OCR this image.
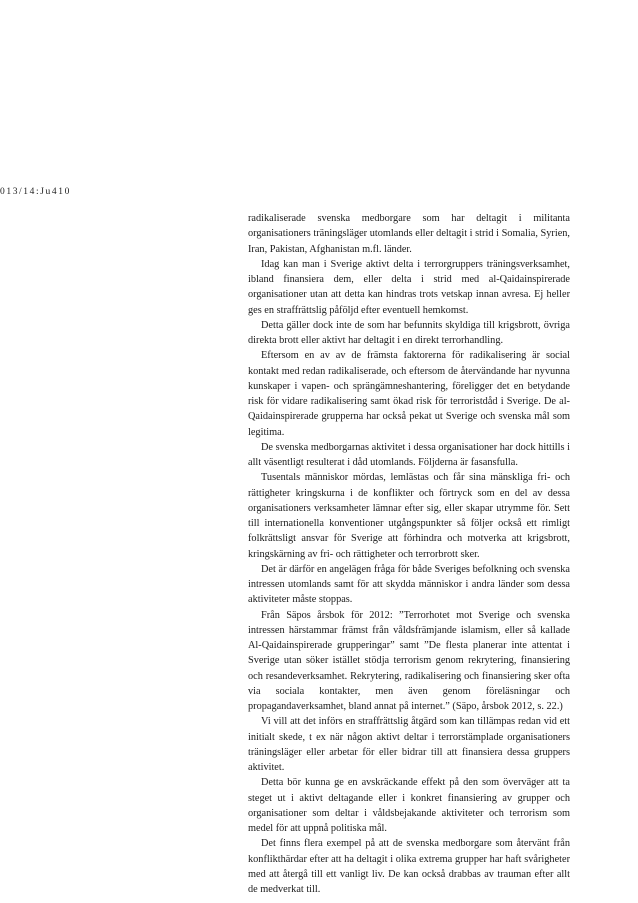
013/14:Ju410

radikaliserade svenska medborgare som har deltagit i militanta organisationers träningsläger utomlands eller deltagit i strid i Somalia, Syrien, Iran, Pakistan, Afghanistan m.fl. länder.

Idag kan man i Sverige aktivt delta i terrorgruppers träningsverksamhet, ibland finansiera dem, eller delta i strid med al-Qaidainspirerade organisationer utan att detta kan hindras trots vetskap innan avresa. Ej heller ges en straffrättslig påföljd efter eventuell hemkomst.

Detta gäller dock inte de som har befunnits skyldiga till krigsbrott, övriga direkta brott eller aktivt har deltagit i en direkt terrorhandling.

Eftersom en av av de främsta faktorerna för radikalisering är social kontakt med redan radikaliserade, och eftersom de återvändande har nyvunna kunskaper i vapen- och sprängämneshantering, föreligger det en betydande risk för vidare radikalisering samt ökad risk för terroristdåd i Sverige. De al-Qaidainspirerade grupperna har också pekat ut Sverige och svenska mål som legitima.

De svenska medborgarnas aktivitet i dessa organisationer har dock hittills i allt väsentligt resulterat i dåd utomlands. Följderna är fasansfulla.

Tusentals människor mördas, lemlästas och får sina mänskliga fri- och rättigheter kringskurna i de konflikter och förtryck som en del av dessa organisationers verksamheter lämnar efter sig, eller skapar utrymme för. Sett till internationella konventioner utgångspunkter så följer också ett rimligt folkrättsligt ansvar för Sverige att förhindra och motverka att krigsbrott, kringskärning av fri- och rättigheter och terrorbrott sker.

Det är därför en angelägen fråga för både Sveriges befolkning och svenska intressen utomlands samt för att skydda människor i andra länder som dessa aktiviteter måste stoppas.

Från Säpos årsbok för 2012: ”Terrorhotet mot Sverige och svenska intressen härstammar främst från våldsfrämjande islamism, eller så kallade Al-Qaidainspirerade grupperingar” samt ”De flesta planerar inte attentat i Sverige utan söker istället stödja terrorism genom rekrytering, finansiering och resandeverksamhet. Rekrytering, radikalisering och finansiering sker ofta via sociala kontakter, men även genom föreläsningar och propagandaverksamhet, bland annat på internet.” (Säpo, årsbok 2012, s. 22.)

Vi vill att det införs en straffrättslig åtgärd som kan tillämpas redan vid ett initialt skede, t ex när någon aktivt deltar i terrorstämplade organisationers träningsläger eller arbetar för eller bidrar till att finansiera dessa gruppers aktivitet.

Detta bör kunna ge en avskräckande effekt på den som överväger att ta steget ut i aktivt deltagande eller i konkret finansiering av grupper och organisationer som deltar i våldsbejakande aktiviteter och terrorism som medel för att uppnå politiska mål.

Det finns flera exempel på att de svenska medborgare som återvänt från konflikthärdar efter att ha deltagit i olika extrema grupper har haft svårigheter med att återgå till ett vanligt liv. De kan också drabbas av trauman efter allt de medverkat till.
